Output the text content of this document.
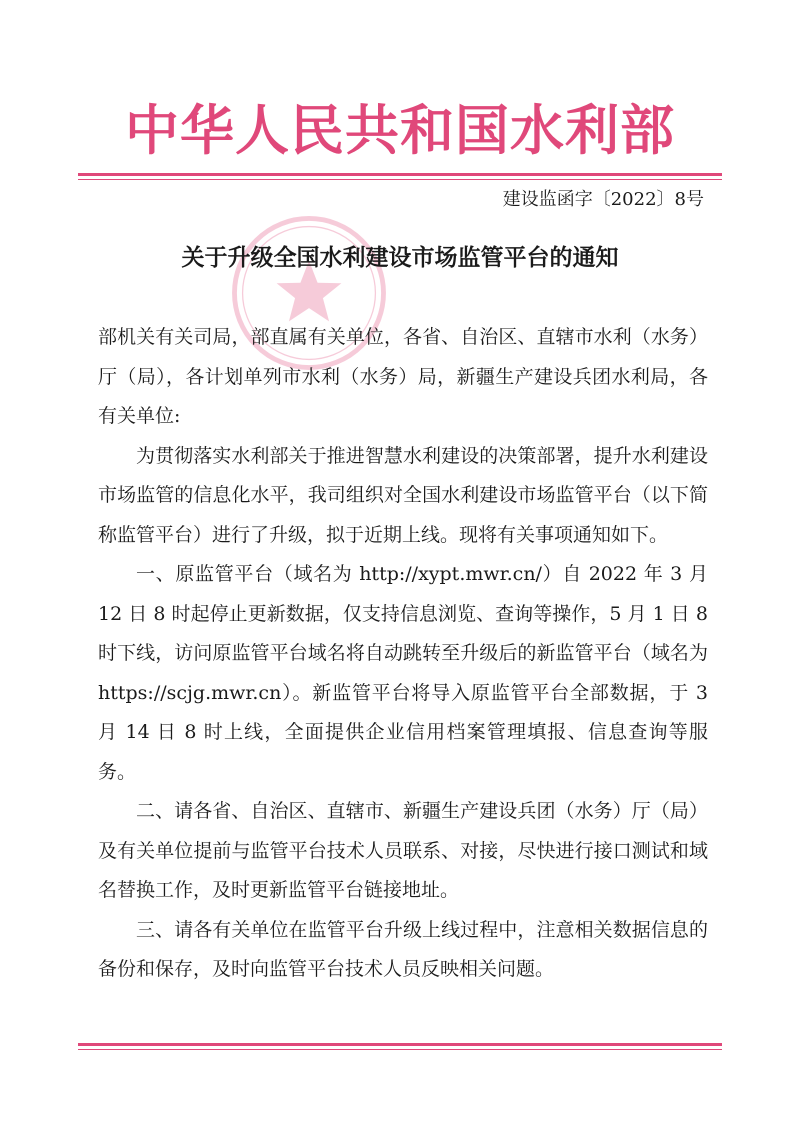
中华人民共和国水利部
建设监函字〔2022〕8号
关于升级全国水利建设市场监管平台的通知

部机关有关司局，部直属有关单位，各省、自治区、直辖市水利（水务）厅（局），各计划单列市水利（水务）局，新疆生产建设兵团水利局，各有关单位:

为贯彻落实水利部关于推进智慧水利建设的决策部署，提升水利建设市场监管的信息化水平，我司组织对全国水利建设市场监管平台（以下简称监管平台）进行了升级，拟于近期上线。现将有关事项通知如下。

一、原监管平台（域名为 http://xypt.mwr.cn/）自 2022 年 3 月 12 日 8 时起停止更新数据，仅支持信息浏览、查询等操作，5 月 1 日 8 时下线，访问原监管平台域名将自动跳转至升级后的新监管平台（域名为 https://scjg.mwr.cn）。新监管平台将导入原监管平台全部数据，于 3 月 14 日 8 时上线，全面提供企业信用档案管理填报、信息查询等服务。

二、请各省、自治区、直辖市、新疆生产建设兵团（水务）厅（局）及有关单位提前与监管平台技术人员联系、对接，尽快进行接口测试和域名替换工作，及时更新监管平台链接地址。

三、请各有关单位在监管平台升级上线过程中，注意相关数据信息的备份和保存，及时向监管平台技术人员反映相关问题。
